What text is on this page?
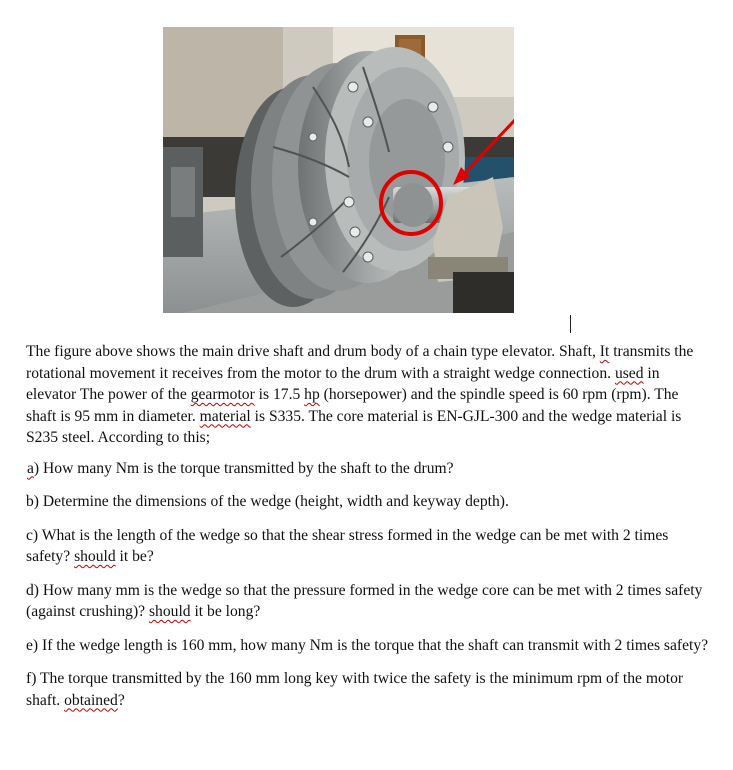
The figure above shows the main drive shaft and drum body of a chain type elevator. Shaft, It transmits the rotational movement it receives from the motor to the drum with a straight wedge connection. used in elevator The power of the gearmotor is 17.5 hp (horsepower) and the spindle speed is 60 rpm (rpm). The shaft is 95 mm in diameter. material is S335. The core material is EN-GJL-300 and the wedge material is S235 steel. According to this;

a) How many Nm is the torque transmitted by the shaft to the drum?

b) Determine the dimensions of the wedge (height, width and keyway depth).

c) What is the length of the wedge so that the shear stress formed in the wedge can be met with 2 times safety? should it be?

d) How many mm is the wedge so that the pressure formed in the wedge core can be met with 2 times safety (against crushing)? should it be long?

e) If the wedge length is 160 mm, how many Nm is the torque that the shaft can transmit with 2 times safety?

f) The torque transmitted by the 160 mm long key with twice the safety is the minimum rpm of the motor shaft. obtained?
